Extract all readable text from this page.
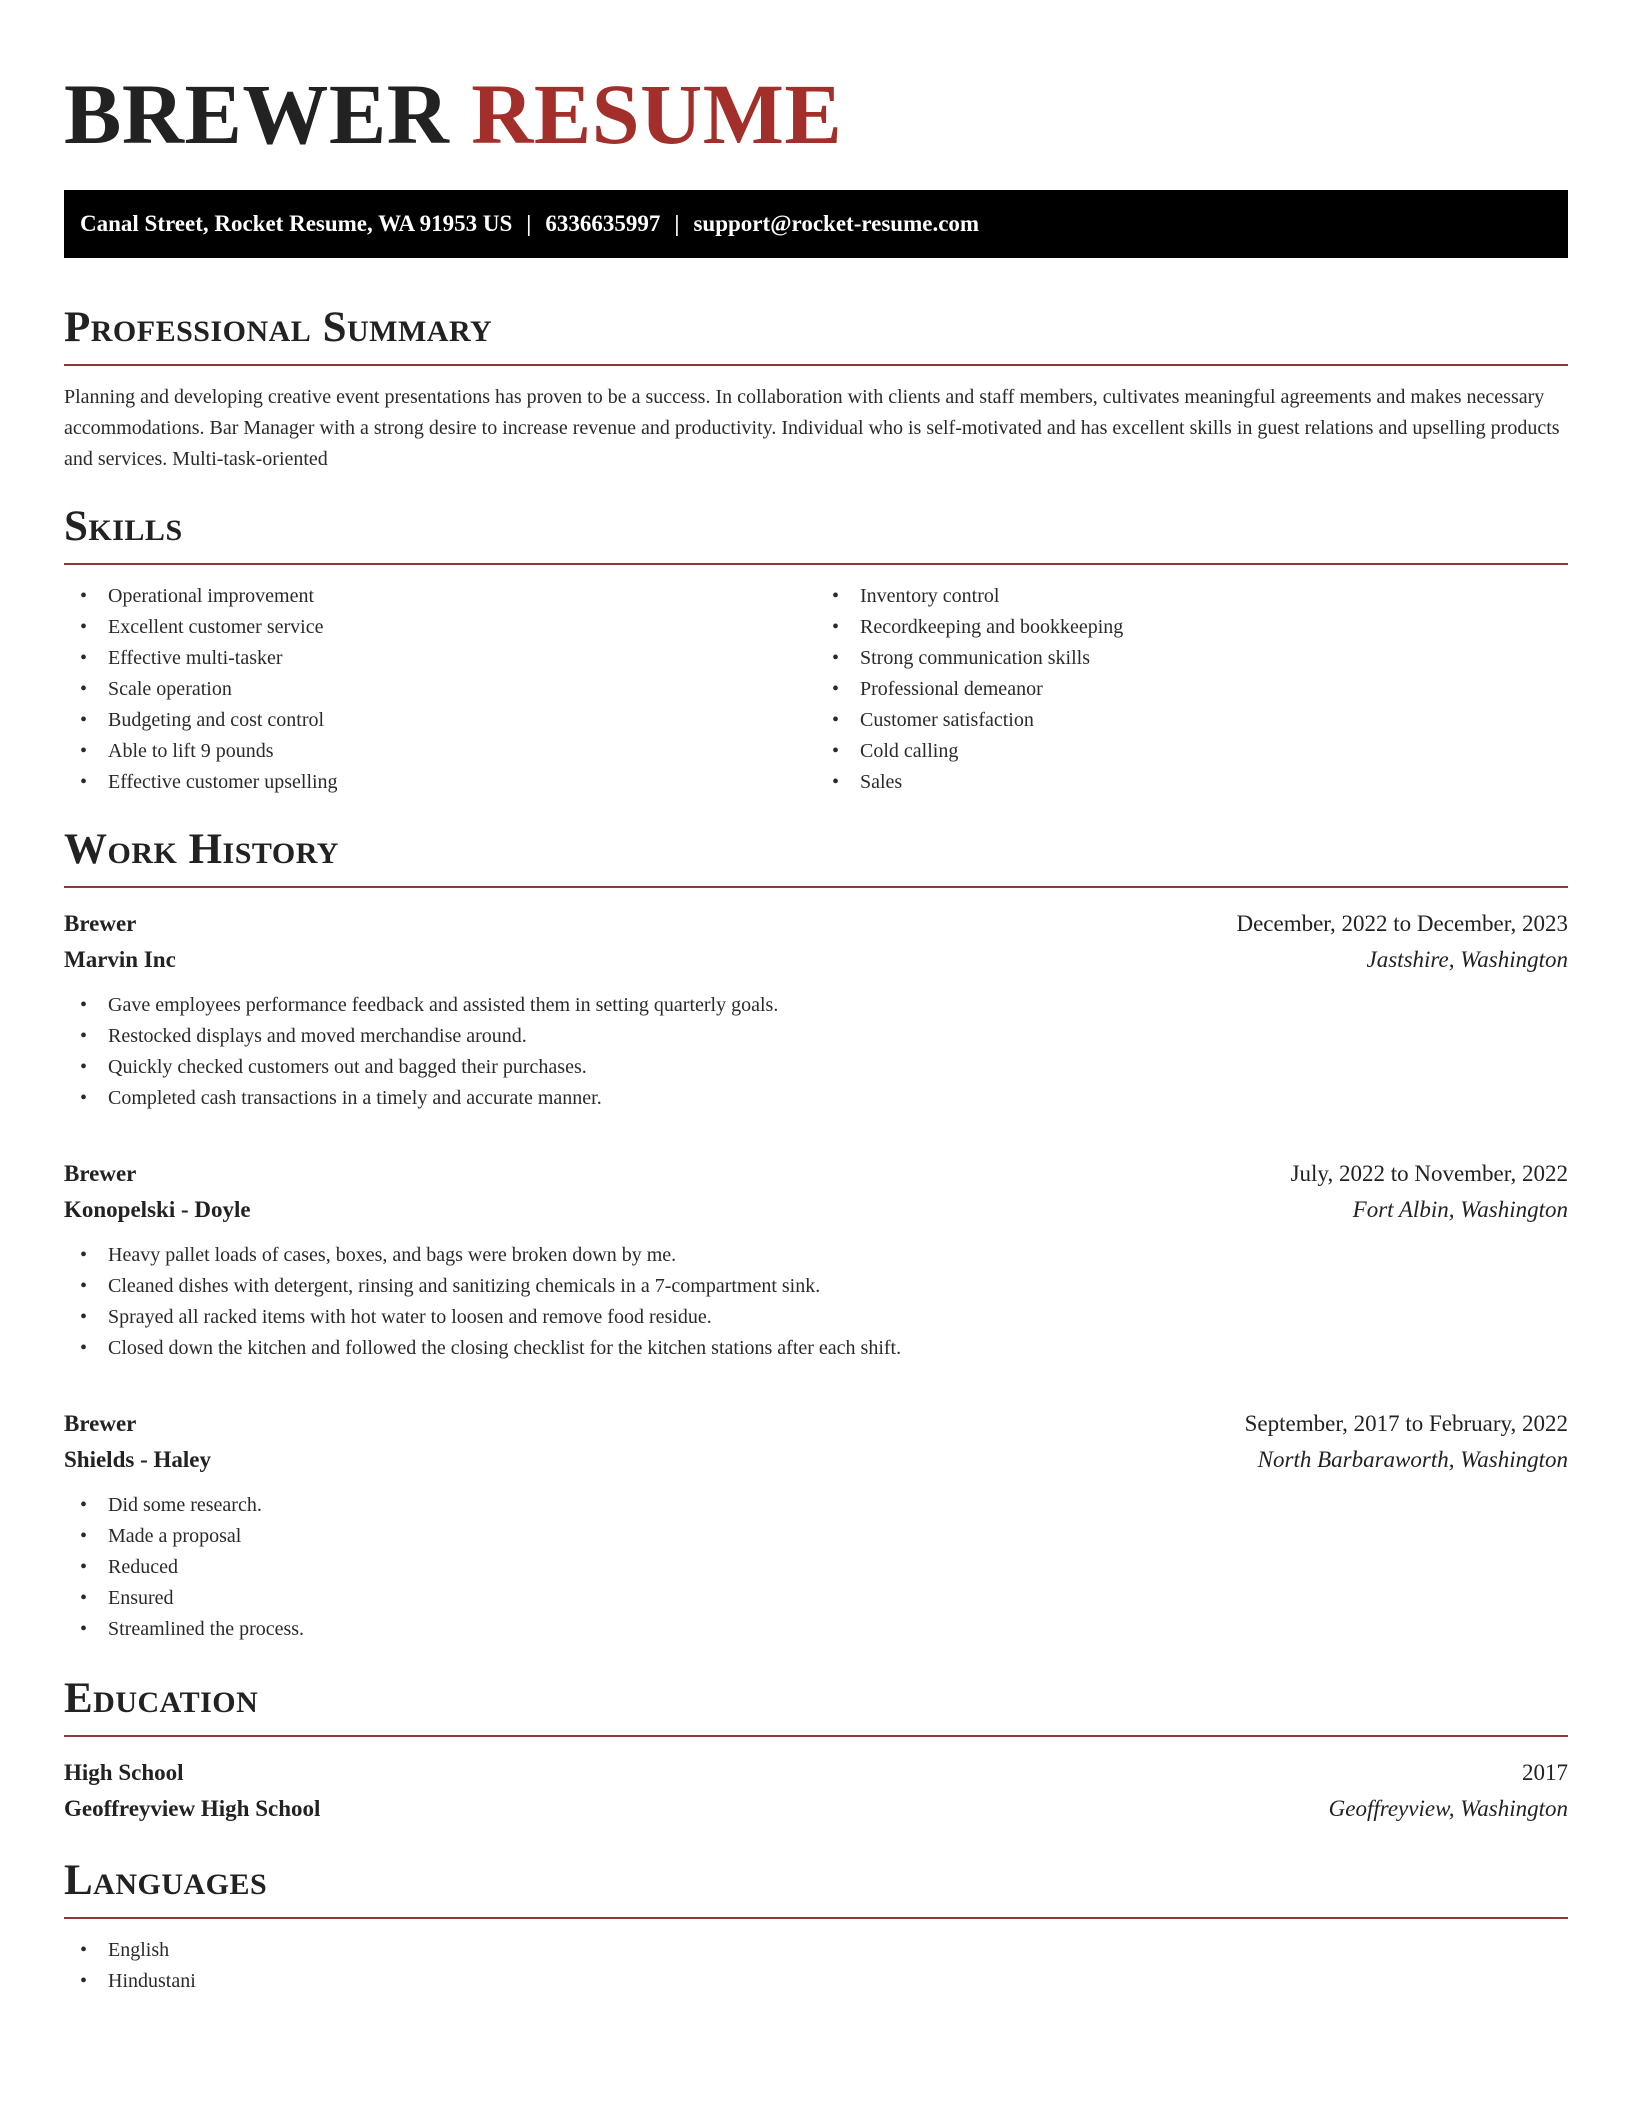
BREWER RESUME
Canal Street, Rocket Resume, WA 91953 US | 6336635997 | support@rocket-resume.com
Professional Summary

Planning and developing creative event presentations has proven to be a success. In collaboration with clients and staff members, cultivates meaningful agreements and makes necessary accommodations. Bar Manager with a strong desire to increase revenue and productivity. Individual who is self-motivated and has excellent skills in guest relations and upselling products and services. Multi-task-oriented

Skills
• Operational improvement
• Excellent customer service
• Effective multi-tasker
• Scale operation
• Budgeting and cost control
• Able to lift 9 pounds
• Effective customer upselling
• Inventory control
• Recordkeeping and bookkeeping
• Strong communication skills
• Professional demeanor
• Customer satisfaction
• Cold calling
• Sales
Work History
Brewer	December, 2022 to December, 2023
Marvin Inc	Jastshire, Washington
• Gave employees performance feedback and assisted them in setting quarterly goals.
• Restocked displays and moved merchandise around.
• Quickly checked customers out and bagged their purchases.
• Completed cash transactions in a timely and accurate manner.
Brewer	July, 2022 to November, 2022
Konopelski - Doyle	Fort Albin, Washington
• Heavy pallet loads of cases, boxes, and bags were broken down by me.
• Cleaned dishes with detergent, rinsing and sanitizing chemicals in a 7-compartment sink.
• Sprayed all racked items with hot water to loosen and remove food residue.
• Closed down the kitchen and followed the closing checklist for the kitchen stations after each shift.
Brewer	September, 2017 to February, 2022
Shields - Haley	North Barbaraworth, Washington
• Did some research.
• Made a proposal
• Reduced
• Ensured
• Streamlined the process.
Education
High School	2017
Geoffreyview High School	Geoffreyview, Washington
Languages
• English
• Hindustani
